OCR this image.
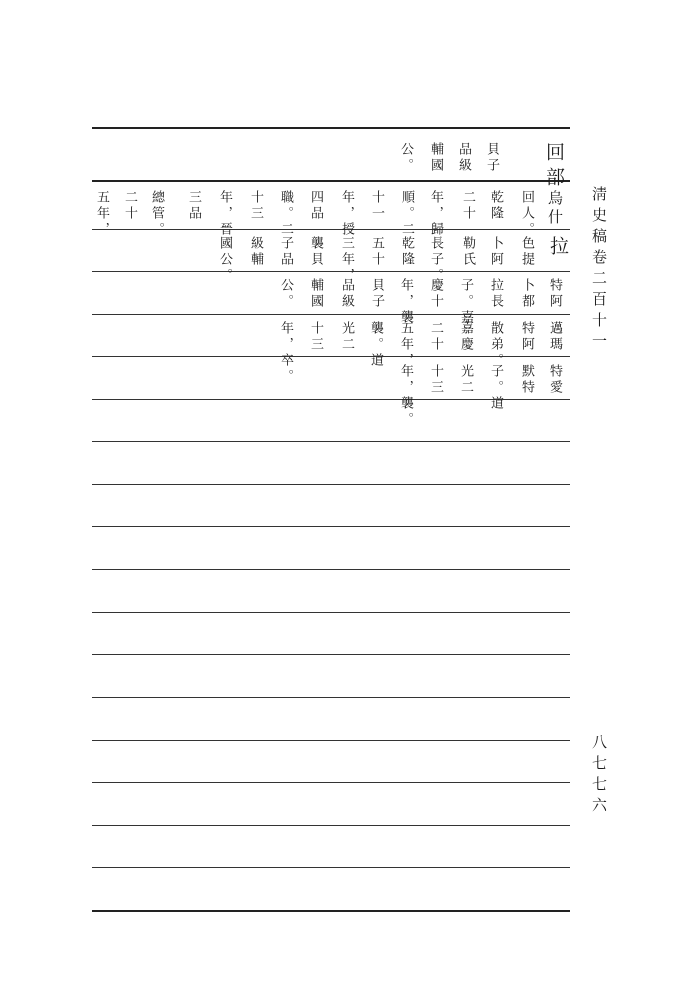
淸史稿卷二百十一
八七七六
回部
貝子
品級
輔國
公。
烏什
回人。
乾隆
二十
年，歸
順。二
十一
年，授
四品
職。二
十三
年，晉
三品
總管。
二十
五年，
拉
色提
卜阿
勒氏
長子。
乾隆
五十
三年，
襲貝
子品
級輔
國公。
特阿
卜都
拉長
子。嘉
慶十
年，襲
貝子
品級
輔國
公。
邁瑪
特阿
散弟。
嘉慶
二十
五年，
襲。道
光二
十三
年，卒。	特愛
默特
子。道
光二
十三
年，襲。
